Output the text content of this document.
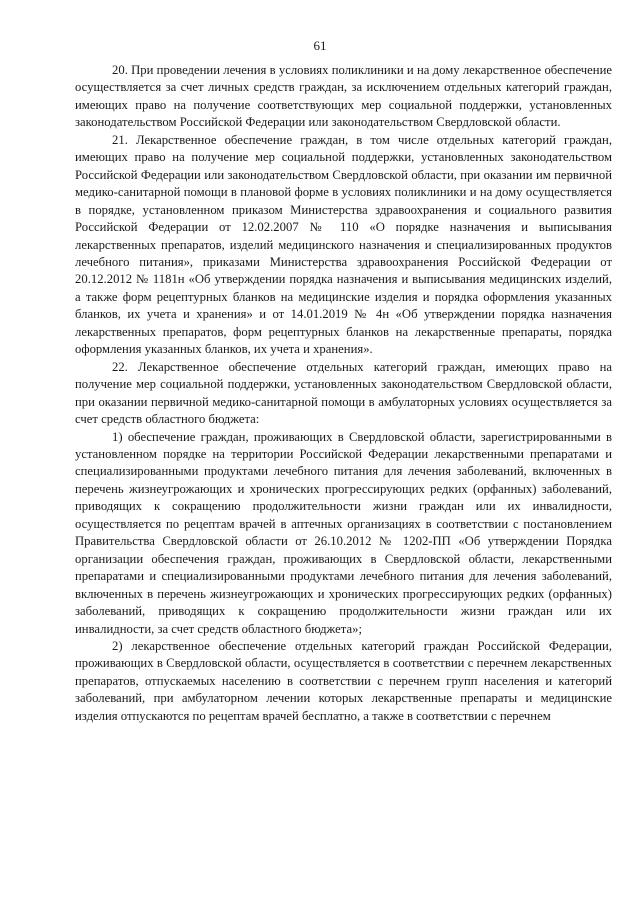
61

20. При проведении лечения в условиях поликлиники и на дому лекарственное обеспечение осуществляется за счет личных средств граждан, за исключением отдельных категорий граждан, имеющих право на получение соответствующих мер социальной поддержки, установленных законодательством Российской Федерации или законодательством Свердловской области.

21. Лекарственное обеспечение граждан, в том числе отдельных категорий граждан, имеющих право на получение мер социальной поддержки, установленных законодательством Российской Федерации или законодательством Свердловской области, при оказании им первичной медико-санитарной помощи в плановой форме в условиях поликлиники и на дому осуществляется в порядке, установленном приказом Министерства здравоохранения и социального развития Российской Федерации от 12.02.2007 № 110 «О порядке назначения и выписывания лекарственных препаратов, изделий медицинского назначения и специализированных продуктов лечебного питания», приказами Министерства здравоохранения Российской Федерации от 20.12.2012 № 1181н «Об утверждении порядка назначения и выписывания медицинских изделий, а также форм рецептурных бланков на медицинские изделия и порядка оформления указанных бланков, их учета и хранения» и от 14.01.2019 № 4н «Об утверждении порядка назначения лекарственных препаратов, форм рецептурных бланков на лекарственные препараты, порядка оформления указанных бланков, их учета и хранения».

22. Лекарственное обеспечение отдельных категорий граждан, имеющих право на получение мер социальной поддержки, установленных законодательством Свердловской области, при оказании первичной медико-санитарной помощи в амбулаторных условиях осуществляется за счет средств областного бюджета:

1) обеспечение граждан, проживающих в Свердловской области, зарегистрированными в установленном порядке на территории Российской Федерации лекарственными препаратами и специализированными продуктами лечебного питания для лечения заболеваний, включенных в перечень жизнеугрожающих и хронических прогрессирующих редких (орфанных) заболеваний, приводящих к сокращению продолжительности жизни граждан или их инвалидности, осуществляется по рецептам врачей в аптечных организациях в соответствии с постановлением Правительства Свердловской области от 26.10.2012 № 1202-ПП «Об утверждении Порядка организации обеспечения граждан, проживающих в Свердловской области, лекарственными препаратами и специализированными продуктами лечебного питания для лечения заболеваний, включенных в перечень жизнеугрожающих и хронических прогрессирующих редких (орфанных) заболеваний, приводящих к сокращению продолжительности жизни граждан или их инвалидности, за счет средств областного бюджета»;

2) лекарственное обеспечение отдельных категорий граждан Российской Федерации, проживающих в Свердловской области, осуществляется в соответствии с перечнем лекарственных препаратов, отпускаемых населению в соответствии с перечнем групп населения и категорий заболеваний, при амбулаторном лечении которых лекарственные препараты и медицинские изделия отпускаются по рецептам врачей бесплатно, а также в соответствии с перечнем
